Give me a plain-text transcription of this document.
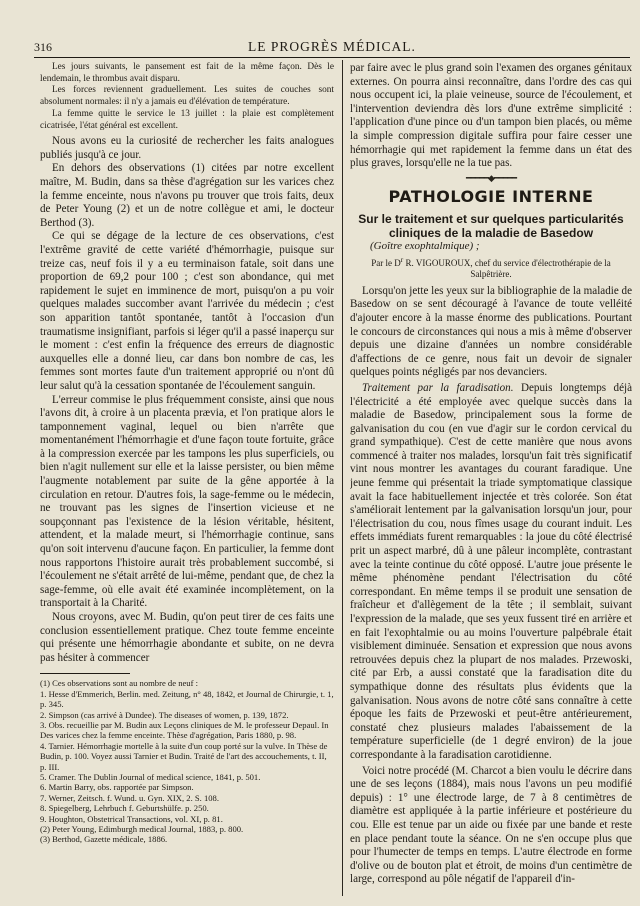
316	LE PROGRÈS MÉDICAL.

Les jours suivants, le pansement est fait de la même façon. Dès le lendemain, le thrombus avait disparu.

Les forces reviennent graduellement. Les suites de couches sont absolument normales: il n'y a jamais eu d'élévation de température.

La femme quitte le service le 13 juillet : la plaie est complètement cicatrisée, l'état général est excellent.

Nous avons eu la curiosité de rechercher les faits analogues publiés jusqu'à ce jour.

En dehors des observations (1) citées par notre excellent maître, M. Budin, dans sa thèse d'agrégation sur les varices chez la femme enceinte, nous n'avons pu trouver que trois faits, deux de Peter Young (2) et un de notre collègue et ami, le docteur Berthod (3).

Ce qui se dégage de la lecture de ces observations, c'est l'extrême gravité de cette variété d'hémorrhagie, puisque sur treize cas, neuf fois il y a eu terminaison fatale, soit dans une proportion de 69,2 pour 100 ; c'est son abondance, qui met rapidement le sujet en imminence de mort, puisqu'on a pu voir quelques malades succomber avant l'arrivée du médecin ; c'est son apparition tantôt spontanée, tantôt à l'occasion d'un traumatisme insignifiant, parfois si léger qu'il a passé inaperçu sur le moment : c'est enfin la fréquence des erreurs de diagnostic auxquelles elle a donné lieu, car dans bon nombre de cas, les femmes sont mortes faute d'un traitement approprié ou n'ont dû leur salut qu'à la cessation spontanée de l'écoulement sanguin.

L'erreur commise le plus fréquemment consiste, ainsi que nous l'avons dit, à croire à un placenta prævia, et l'on pratique alors le tamponnement vaginal, lequel ou bien n'arrête que momentanément l'hémorrhagie et d'une façon toute fortuite, grâce à la compression exercée par les tampons les plus superficiels, ou bien n'agit nullement sur elle et la laisse persister, ou bien même l'augmente notablement par suite de la gêne apportée à la circulation en retour. D'autres fois, la sage-femme ou le médecin, ne trouvant pas les signes de l'insertion vicieuse et ne soupçonnant pas l'existence de la lésion véritable, hésitent, attendent, et la malade meurt, si l'hémorrhagie continue, sans qu'on soit intervenu d'aucune façon. En particulier, la femme dont nous rapportons l'histoire aurait très probablement succombé, si l'écoulement ne s'était arrêté de lui-même, pendant que, de chez la sage-femme, où elle avait été examinée incomplètement, on la transportait à la Charité.

Nous croyons, avec M. Budin, qu'on peut tirer de ces faits une conclusion essentiellement pratique. Chez toute femme enceinte qui présente une hémorrhagie abondante et subite, on ne devra pas hésiter à commencer

(1) Ces observations sont au nombre de neuf :

1. Hesse d'Emmerich, Berlin. med. Zeitung, n° 48, 1842, et Journal de Chirurgie, t. 1, p. 345.

2. Simpson (cas arrivé à Dundee). The diseases of women, p. 139, 1872.

3. Obs. recueillie par M. Budin aux Leçons cliniques de M. le professeur Depaul. In Des varices chez la femme enceinte. Thèse d'agrégation, Paris 1880, p. 98.

4. Tarnier. Hémorrhagie mortelle à la suite d'un coup porté sur la vulve. In Thèse de Budin, p. 100. Voyez aussi Tarnier et Budin. Traité de l'art des accouchements, t. II, p. III.

5. Cramer. The Dublin Journal of medical science, 1841, p. 501.

6. Martin Barry, obs. rapportée par Simpson.

7. Werner, Zeitsch. f. Wund. u. Gyn. XIX, 2. S. 108.

8. Spiegelberg, Lehrbuch f. Geburtshülfe. p. 250.

9. Houghton, Obstetrical Transactions, vol. XI, p. 81.

(2) Peter Young, Edimburgh medical Journal, 1883, p. 800.

(3) Berthod, Gazette médicale, 1886.

par faire avec le plus grand soin l'examen des organes génitaux externes. On pourra ainsi reconnaître, dans l'ordre des cas qui nous occupent ici, la plaie veineuse, source de l'écoulement, et l'intervention deviendra dès lors d'une extrême simplicité : l'application d'une pince ou d'un tampon bien placés, ou même la simple compression digitale suffira pour faire cesser une hémorrhagie qui met rapidement la femme dans un état des plus graves, lorsqu'elle ne la tue pas.

━━━━━◆━━━━━
PATHOLOGIE INTERNE
Sur le traitement et sur quelques particularités cliniques de la maladie de Basedow
(Goître exophtalmique) ;
Par le $D^r$ R. VIGOUROUX, chef du service d'électrothérapie de la Salpêtrière.

Lorsqu'on jette les yeux sur la bibliographie de la maladie de Basedow on se sent découragé à l'avance de toute velléité d'ajouter encore à la masse énorme des publications. Pourtant le concours de circonstances qui nous a mis à même d'observer depuis une dizaine d'années un nombre considérable d'affections de ce genre, nous fait un devoir de signaler quelques points négligés par nos devanciers.

Traitement par la faradisation. Depuis longtemps déjà l'électricité a été employée avec quelque succès dans la maladie de Basedow, principalement sous la forme de galvanisation du cou (en vue d'agir sur le cordon cervical du grand sympathique). C'est de cette manière que nous avons commencé à traiter nos malades, lorsqu'un fait très significatif vint nous montrer les avantages du courant faradique. Une jeune femme qui présentait la triade symptomatique classique avait la face habituellement injectée et très colorée. Son état s'améliorait lentement par la galvanisation lorsqu'un jour, pour l'électrisation du cou, nous fîmes usage du courant induit. Les effets immédiats furent remarquables : la joue du côté électrisé prit un aspect marbré, dû à une pâleur incomplète, contrastant avec la teinte continue du côté opposé. L'autre joue présente le même phénomène pendant l'électrisation du côté correspondant. En même temps il se produit une sensation de fraîcheur et d'allègement de la tête ; il semblait, suivant l'expression de la malade, que ses yeux fussent tiré en arrière et en fait l'exophtalmie ou au moins l'ouverture palpébrale était visiblement diminuée. Sensation et expression que nous avons retrouvées depuis chez la plupart de nos malades. Przewoski, cité par Erb, a aussi constaté que la faradisation dite du sympathique donne des résultats plus évidents que la galvanisation. Nous avons de notre côté sans connaître à cette époque les faits de Przewoski et peut-être antérieurement, constaté chez plusieurs malades l'abaissement de la température superficielle (de 1 degré environ) de la joue correspondante à la faradisation carotidienne.

Voici notre procédé (M. Charcot a bien voulu le décrire dans une de ses leçons (1884), mais nous l'avons un peu modifié depuis) : 1° une électrode large, de 7 à 8 centimètres de diamètre est appliquée à la partie inférieure et postérieure du cou. Elle est tenue par un aide ou fixée par une bande et reste en place pendant toute la séance. On ne s'en occupe plus que pour l'humecter de temps en temps. L'autre électrode en forme d'olive ou de bouton plat et étroit, de moins d'un centimètre de large, correspond au pôle négatif de l'appareil d'in-
